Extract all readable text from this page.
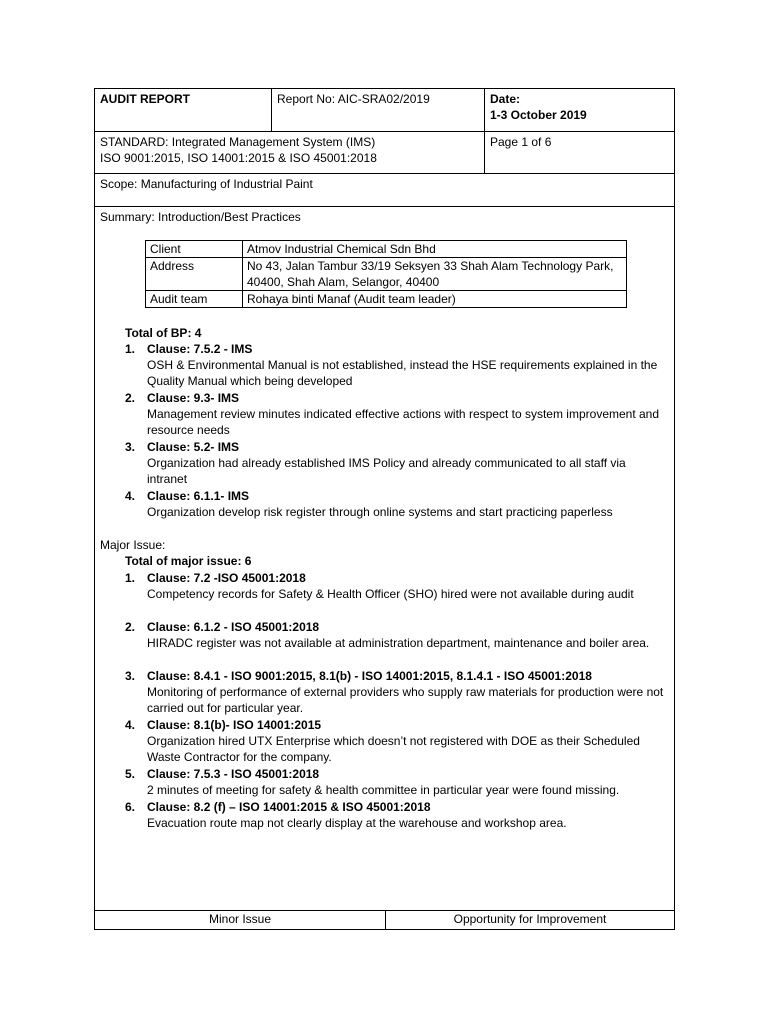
AUDIT REPORT	Report No: AIC-SRA02/2019	Date:
1-3 October 2019
STANDARD: Integrated Management System (IMS)
ISO 9001:2015, ISO 14001:2015 & ISO 45001:2018
Page 1 of 6
Scope: Manufacturing of Industrial Paint
Summary: Introduction/Best Practices
Client	Atmov Industrial Chemical Sdn Bhd
Address	No 43, Jalan Tambur 33/19 Seksyen 33 Shah Alam Technology Park, 40400, Shah Alam, Selangor, 40400
Audit team	Rohaya binti Manaf (Audit team leader)
Total of BP: 4
1. Clause: 7.5.2 - IMS
OSH & Environmental Manual is not established, instead the HSE requirements explained in the Quality Manual which being developed
2. Clause: 9.3- IMS
Management review minutes indicated effective actions with respect to system improvement and resource needs
3. Clause: 5.2- IMS
Organization had already established IMS Policy and already communicated to all staff via intranet
4. Clause: 6.1.1- IMS
Organization develop risk register through online systems and start practicing paperless
Major Issue:
Total of major issue: 6
1. Clause: 7.2 -ISO 45001:2018
Competency records for Safety & Health Officer (SHO) hired were not available during audit
2. Clause: 6.1.2 - ISO 45001:2018
HIRADC register was not available at administration department, maintenance and boiler area.
3. Clause: 8.4.1 - ISO 9001:2015, 8.1(b) - ISO 14001:2015, 8.1.4.1 - ISO 45001:2018
Monitoring of performance of external providers who supply raw materials for production were not carried out for particular year.
4. Clause: 8.1(b)- ISO 14001:2015
Organization hired UTX Enterprise which doesn’t not registered with DOE as their Scheduled Waste Contractor for the company.
5. Clause: 7.5.3 - ISO 45001:2018
2 minutes of meeting for safety & health committee in particular year were found missing.
6. Clause: 8.2 (f) – ISO 14001:2015 & ISO 45001:2018
Evacuation route map not clearly display at the warehouse and workshop area.
Minor Issue	Opportunity for Improvement
